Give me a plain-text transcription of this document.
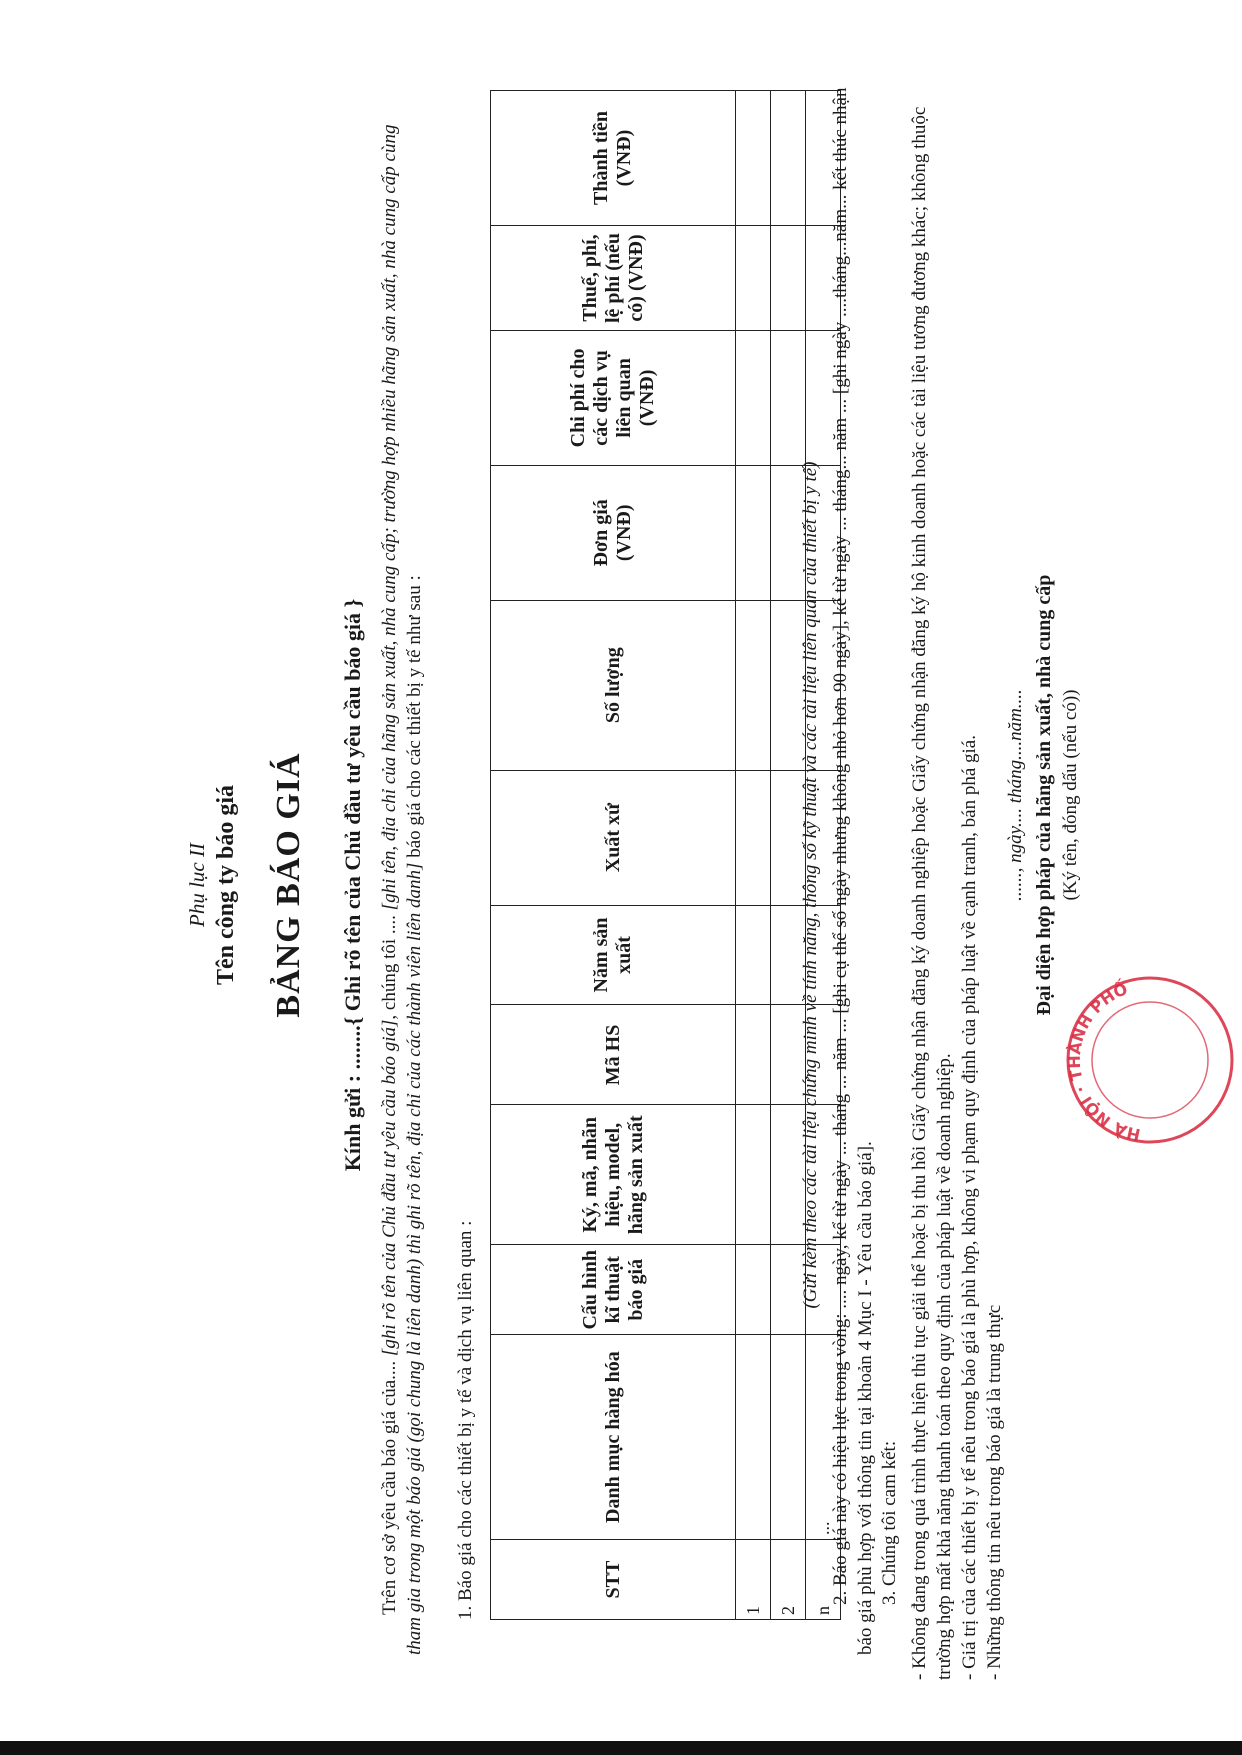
Phụ lục II Tên công ty báo giá BẢNG BÁO GIÁ

Kính gửi : ........{ Ghi rõ tên của Chủ đầu tư yêu cầu báo giá }

Trên cơ sở yêu cầu báo giá của.... [ghi rõ tên của Chủ đầu tư yêu cầu báo giá], chúng tôi .... [ghi tên, địa chỉ của hãng sản xuất, nhà cung cấp; trường hợp nhiều hãng sản xuất, nhà cung cấp cùng tham gia trong một báo giá (gọi chung là liên danh) thì ghi rõ tên, địa chỉ của các thành viên liên danh] báo giá cho các thiết bị y tế như sau :

1. Báo giá cho các thiết bị y tế và dịch vụ liên quan :	STT	Danh mục hàng hóa	Cấu hình kĩ thuật báo giá	Ký, mã, nhãn hiệu, model, hãng sản xuất	Mã HS	Năm sản xuất	Xuất xứ	Số lượng	Đơn giá (VNĐ)	Chi phí cho các dịch vụ liên quan (VNĐ)	Thuế, phí, lệ phí (nếu có) (VNĐ)	Thành tiền (VNĐ)
1											
2											
n	...										

(Gửi kèm theo các tài liệu chứng minh về tính năng, thông số kỹ thuật và các tài liệu liên quan của thiết bị y tế)

2. Báo giá này có hiệu lực trong vòng: .... ngày, kể từ ngày ... tháng ... năm ... [ghi cụ thể số ngày nhưng không nhỏ hơn 90 ngày], kể từ ngày ... tháng... năm ... [ghi ngày ....tháng...năm... kết thúc nhận báo giá phù hợp với thông tin tại khoản 4 Mục I - Yêu cầu báo giá].

3. Chúng tôi cam kết: - Không đang trong quá trình thực hiện thủ tục giải thể hoặc bị thu hồi Giấy chứng nhận đăng ký doanh nghiệp hoặc Giấy chứng nhận đăng ký hộ kinh doanh hoặc các tài liệu tương đương khác; không thuộc trường hợp mất khả năng thanh toán theo quy định của pháp luật về doanh nghiệp. - Giá trị của các thiết bị y tế nêu trong báo giá là phù hợp, không vi phạm quy định của pháp luật về cạnh tranh, bán phá giá. - Những thông tin nêu trong báo giá là trung thực

HÀ NỘI · THÀNH PHỐ

......, ngày.... tháng....năm.... Đại diện hợp pháp của hãng sản xuất, nhà cung cấp (Ký tên, đóng dấu (nếu có))
